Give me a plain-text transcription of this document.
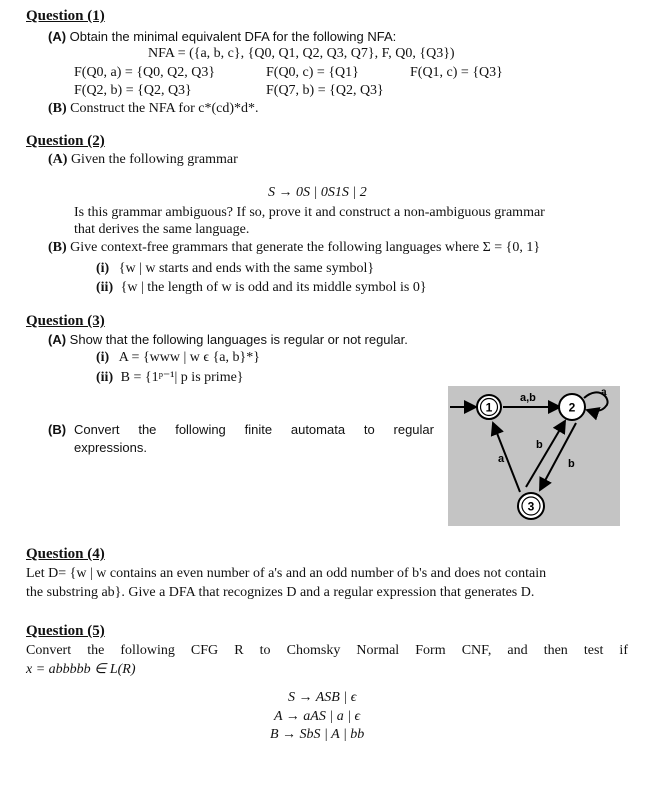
Question (1)
(A) Obtain the minimal equivalent DFA for the following NFA:
NFA = ({a, b, c}, {Q0, Q1, Q2, Q3, Q7}, F, Q0, {Q3})
F(Q0, a) = {Q0, Q2, Q3}	F(Q0, c) = {Q1}	F(Q1, c) = {Q3}
F(Q2, b) = {Q2, Q3}	F(Q7, b) = {Q2, Q3}
(B) Construct the NFA for c*(cd)*d*.
Question (2)
(A) Given the following grammar
S → 0S | 0S1S | 2
Is this grammar ambiguous? If so, prove it and construct a non-ambiguous grammar
that derives the same language.
(B) Give context-free grammars that generate the following languages where Σ = {0, 1}
(i) {w | w starts and ends with the same symbol}
(ii) {w | the length of w is odd and its middle symbol is 0}
Question (3)
(A) Show that the following languages is regular or not regular.
(i) A = {www | w ϵ {a, b}*}
(ii) B = {1ᵖ⁻¹| p is prime}
(B) Convert the following finite automata to regular
expressions.
1	2
3
a,b	a
b
b
a
Question (4)
Let D= {w | w contains an even number of a's and an odd number of b's and does not contain
the substring ab}. Give a DFA that recognizes D and a regular expression that generates D.
Question (5)
Convert the following CFG R to Chomsky Normal Form CNF, and then test if
x = abbbbb ∈ L(R)
S → ASB | ϵ
A → aAS | a | ϵ
B → SbS | A | bb
